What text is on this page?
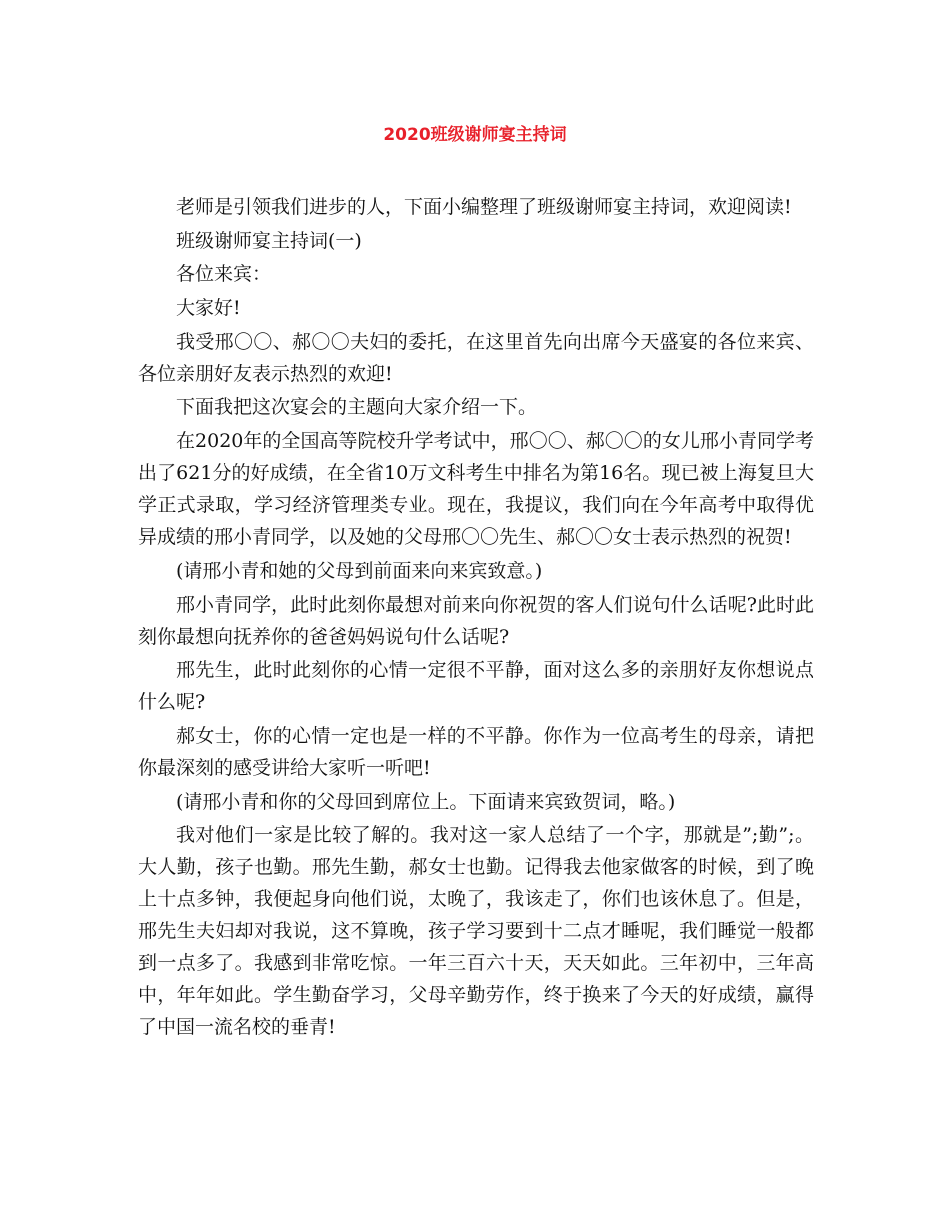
2020班级谢师宴主持词

老师是引领我们进步的人，下面小编整理了班级谢师宴主持词，欢迎阅读!

班级谢师宴主持词(一)

各位来宾：

大家好!

我受邢〇〇、郝〇〇夫妇的委托，在这里首先向出席今天盛宴的各位来宾、各位亲朋好友表示热烈的欢迎!

下面我把这次宴会的主题向大家介绍一下。

在2020年的全国高等院校升学考试中，邢〇〇、郝〇〇的女儿邢小青同学考出了621分的好成绩，在全省10万文科考生中排名为第16名。现已被上海复旦大学正式录取，学习经济管理类专业。现在，我提议，我们向在今年高考中取得优异成绩的邢小青同学，以及她的父母邢〇〇先生、郝〇〇女士表示热烈的祝贺!

(请邢小青和她的父母到前面来向来宾致意。)

邢小青同学，此时此刻你最想对前来向你祝贺的客人们说句什么话呢?此时此刻你最想向抚养你的爸爸妈妈说句什么话呢?

邢先生，此时此刻你的心情一定很不平静，面对这么多的亲朋好友你想说点什么呢?

郝女士，你的心情一定也是一样的不平静。你作为一位高考生的母亲，请把你最深刻的感受讲给大家听一听吧!

(请邢小青和你的父母回到席位上。下面请来宾致贺词，略。)

我对他们一家是比较了解的。我对这一家人总结了一个字，那就是”;勤”;。大人勤，孩子也勤。邢先生勤，郝女士也勤。记得我去他家做客的时候，到了晚上十点多钟，我便起身向他们说，太晚了，我该走了，你们也该休息了。但是，邢先生夫妇却对我说，这不算晚，孩子学习要到十二点才睡呢，我们睡觉一般都到一点多了。我感到非常吃惊。一年三百六十天，天天如此。三年初中，三年高中，年年如此。学生勤奋学习，父母辛勤劳作，终于换来了今天的好成绩，赢得了中国一流名校的垂青!
